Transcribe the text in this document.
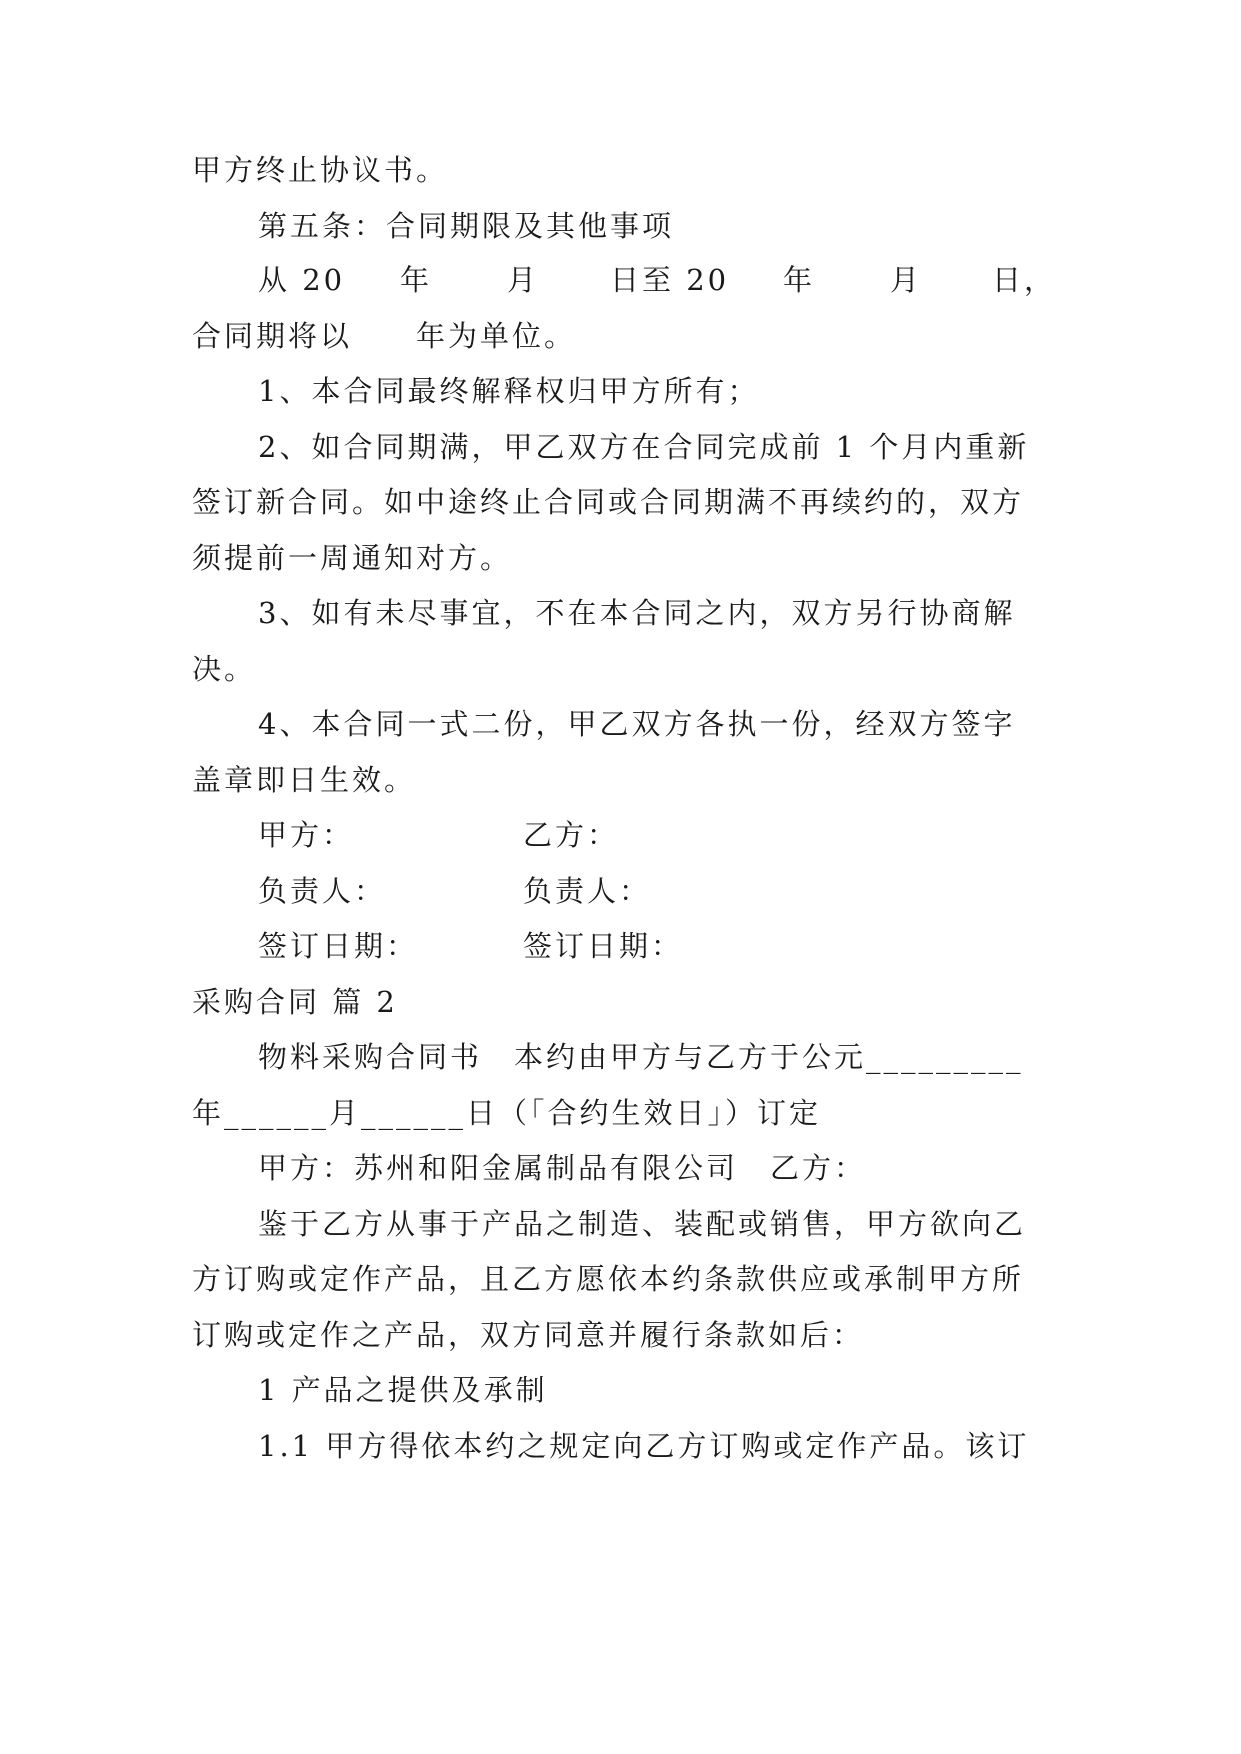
甲方终止协议书。
第五条：合同期限及其他事项
从 20 年	月 日至 20 年	月 日，
合同期将以　　年为单位。
1、本合同最终解释权归甲方所有；
2、如合同期满，甲乙双方在合同完成前 1 个月内重新
签订新合同。如中途终止合同或合同期满不再续约的，双方
须提前一周通知对方。
3、如有未尽事宜，不在本合同之内，双方另行协商解
决。
4、本合同一式二份，甲乙双方各执一份，经双方签字
盖章即日生效。
甲方：	乙方：
负责人：	负责人：
签订日期：	签订日期：
采购合同 篇 2
物料采购合同书　本约由甲方与乙方于公元_________
年______月______日（「合约生效日」）订定
甲方：苏州和阳金属制品有限公司　乙方：
鉴于乙方从事于产品之制造、装配或销售，甲方欲向乙
方订购或定作产品，且乙方愿依本约条款供应或承制甲方所
订购或定作之产品，双方同意并履行条款如后：
1 产品之提供及承制
1.1 甲方得依本约之规定向乙方订购或定作产品。该订
